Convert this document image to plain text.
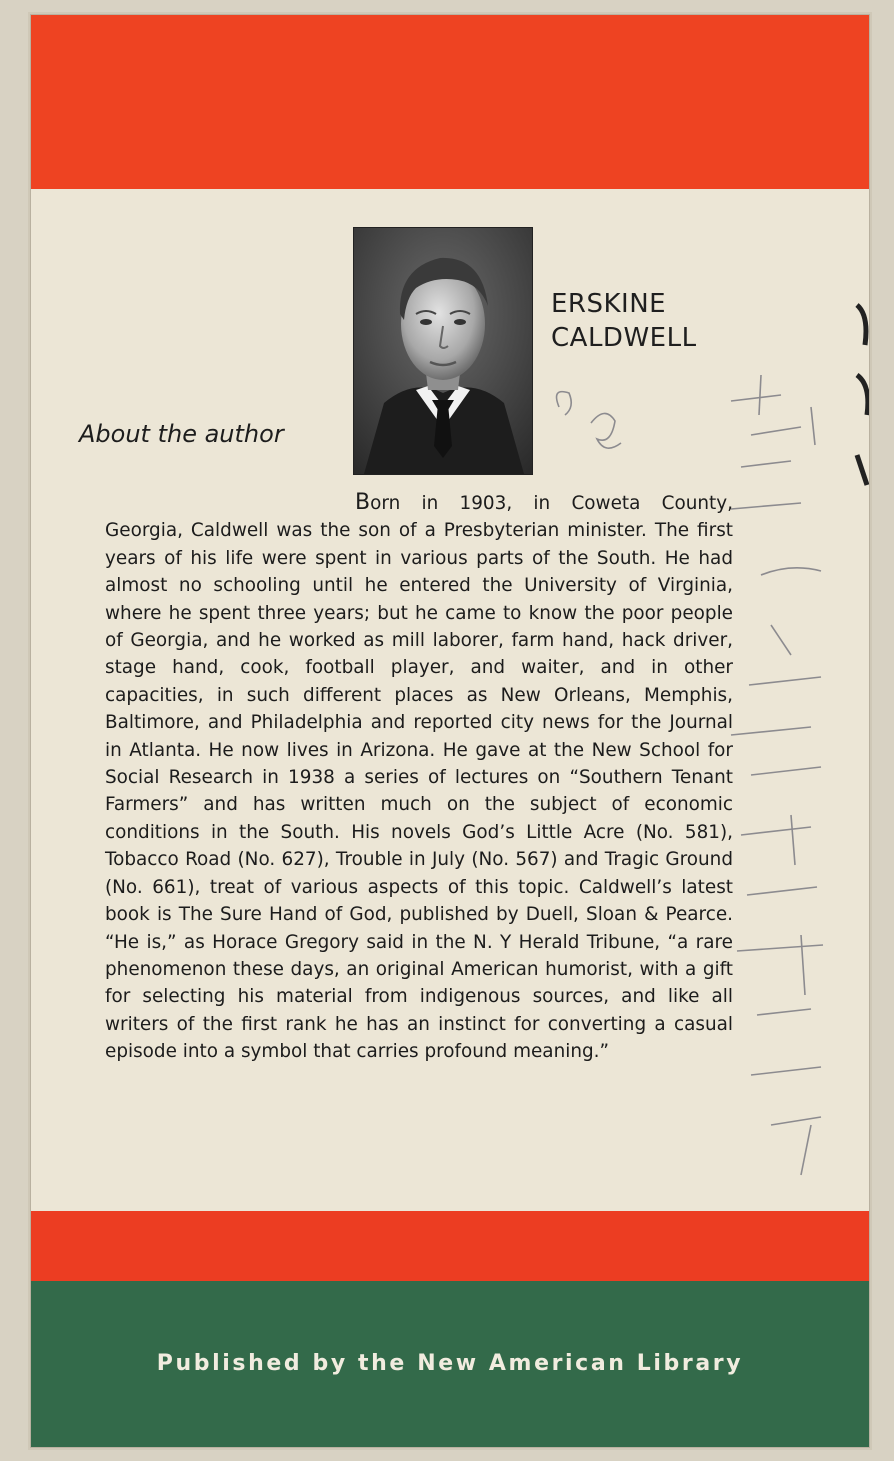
ERSKINE
CALDWELL
About the author
Born in 1903, in Coweta County, Georgia, Caldwell was the son of a Presbyterian minister. The first years of his life were spent in various parts of the South. He had almost no schooling until he entered the University of Virginia, where he spent three years; but he came to know the poor people of Georgia, and he worked as mill laborer, farm hand, hack driver, stage hand, cook, football player, and waiter, and in other capacities, in such different places as New Orleans, Memphis, Baltimore, and Philadelphia and reported city news for the Journal in Atlanta. He now lives in Arizona. He gave at the New School for Social Research in 1938 a series of lectures on “Southern Tenant Farmers” and has written much on the subject of economic conditions in the South. His novels God’s Little Acre (No. 581), Tobacco Road (No. 627), Trouble in July (No. 567) and Tragic Ground (No. 661), treat of various aspects of this topic. Caldwell’s latest book is The Sure Hand of God, published by Duell, Sloan & Pearce. “He is,” as Horace Gregory said in the N. Y Herald Tribune, “a rare phenomenon these days, an original American humorist, with a gift for selecting his material from indigenous sources, and like all writers of the first rank he has an instinct for converting a casual episode into a symbol that carries profound meaning.”
Published by the New American Library
